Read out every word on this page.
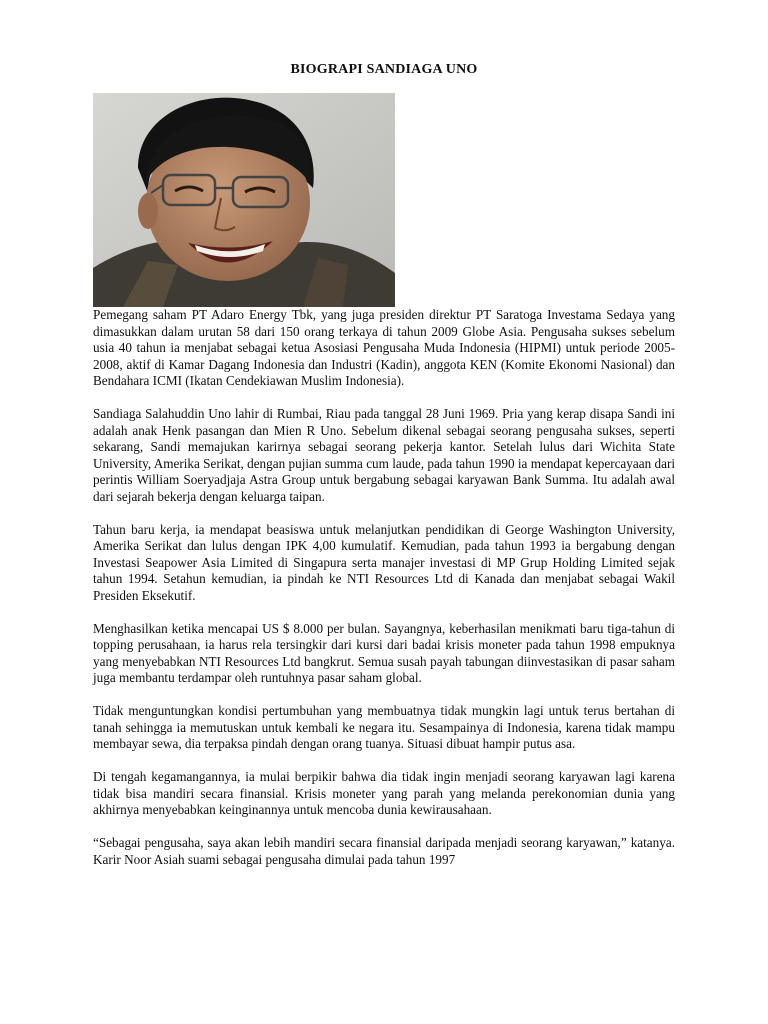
BIOGRAPI SANDIAGA UNO

Pemegang saham PT Adaro Energy Tbk, yang juga presiden direktur PT Saratoga Investama Sedaya yang dimasukkan dalam urutan 58 dari 150 orang terkaya di tahun 2009 Globe Asia. Pengusaha sukses sebelum usia 40 tahun ia menjabat sebagai ketua Asosiasi Pengusaha Muda Indonesia (HIPMI) untuk periode 2005-2008, aktif di Kamar Dagang Indonesia dan Industri (Kadin), anggota KEN (Komite Ekonomi Nasional) dan Bendahara ICMI (Ikatan Cendekiawan Muslim Indonesia).

Sandiaga Salahuddin Uno lahir di Rumbai, Riau pada tanggal 28 Juni 1969. Pria yang kerap disapa Sandi ini adalah anak Henk pasangan dan Mien R Uno. Sebelum dikenal sebagai seorang pengusaha sukses, seperti sekarang, Sandi memajukan karirnya sebagai seorang pekerja kantor. Setelah lulus dari Wichita State University, Amerika Serikat, dengan pujian summa cum laude, pada tahun 1990 ia mendapat kepercayaan dari perintis William Soeryadjaja Astra Group untuk bergabung sebagai karyawan Bank Summa. Itu adalah awal dari sejarah bekerja dengan keluarga taipan.

Tahun baru kerja, ia mendapat beasiswa untuk melanjutkan pendidikan di George Washington University, Amerika Serikat dan lulus dengan IPK 4,00 kumulatif. Kemudian, pada tahun 1993 ia bergabung dengan Investasi Seapower Asia Limited di Singapura serta manajer investasi di MP Grup Holding Limited sejak tahun 1994. Setahun kemudian, ia pindah ke NTI Resources Ltd di Kanada dan menjabat sebagai Wakil Presiden Eksekutif.

Menghasilkan ketika mencapai US $ 8.000 per bulan. Sayangnya, keberhasilan menikmati baru tiga-tahun di topping perusahaan, ia harus rela tersingkir dari kursi dari badai krisis moneter pada tahun 1998 empuknya yang menyebabkan NTI Resources Ltd bangkrut. Semua susah payah tabungan diinvestasikan di pasar saham juga membantu terdampar oleh runtuhnya pasar saham global.

Tidak menguntungkan kondisi pertumbuhan yang membuatnya tidak mungkin lagi untuk terus bertahan di tanah sehingga ia memutuskan untuk kembali ke negara itu. Sesampainya di Indonesia, karena tidak mampu membayar sewa, dia terpaksa pindah dengan orang tuanya. Situasi dibuat hampir putus asa.

Di tengah kegamangannya, ia mulai berpikir bahwa dia tidak ingin menjadi seorang karyawan lagi karena tidak bisa mandiri secara finansial. Krisis moneter yang parah yang melanda perekonomian dunia yang akhirnya menyebabkan keinginannya untuk mencoba dunia kewirausahaan.

“Sebagai pengusaha, saya akan lebih mandiri secara finansial daripada menjadi seorang karyawan,” katanya. Karir Noor Asiah suami sebagai pengusaha dimulai pada tahun 1997
